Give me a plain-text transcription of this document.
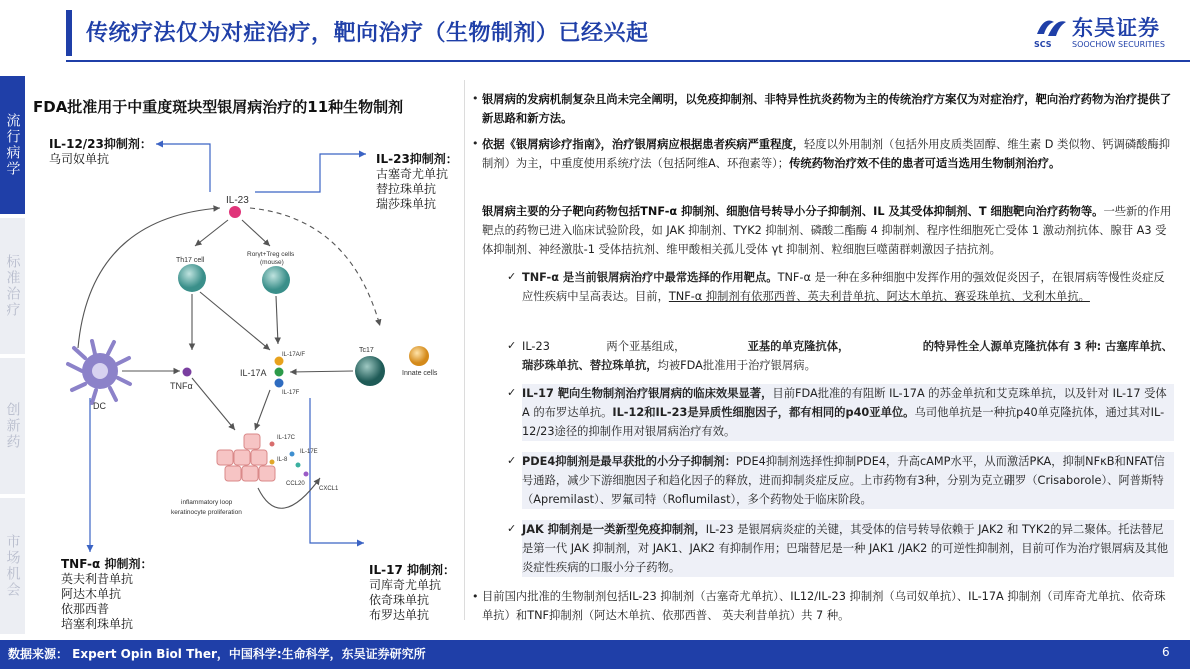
传统疗法仅为对症治疗，靶向治疗（生物制剂）已经兴起	SCS
东吴证券
SOOCHOW SECURITIES
流行病学
标准治疗
创新药
市场机会
FDA批准用于中重度斑块型银屑病治疗的11种生物制剂
IL-12/23抑制剂：
乌司奴单抗	IL-23抑制剂：
古塞奇尤单抗
替拉珠单抗
瑞莎珠单抗
TNF-α 抑制剂：
英夫利昔单抗
阿达木单抗
依那西普
培塞利珠单抗
IL-17 抑制剂：
司库奇尤单抗
依奇珠单抗
布罗达单抗
IL-23
Th17 cell
Rorγt+Treg cells
(mouse)
DC
TNFα
IL-17A/F
IL-17A
IL-17F
Tc17
Innate cells
IL-17C
IL-17E
IL-8
CCL20
CXCL1
inflammatory loop
keratinocyte proliferation
• 银屑病的发病机制复杂且尚未完全阐明，以免疫抑制剂、非特异性抗炎药物为主的传统治疗方案仅为对症治疗，靶向治疗药物为治疗提供了新思路和新方法。
• 依据《银屑病诊疗指南》，治疗银屑病应根据患者疾病严重程度，轻度以外用制剂（包括外用皮质类固醇、维生素 D 类似物、钙调磷酸酶抑制剂）为主，中重度使用系统疗法（包括阿维A、环孢素等）；传统药物治疗效不佳的患者可适当选用生物制剂治疗。
银屑病主要的分子靶向药物包括TNF-α 抑制剂、细胞信号转导小分子抑制剂、IL 及其受体抑制剂、T 细胞靶向治疗药物等。一些新的作用靶点的药物已进入临床试验阶段，如 JAK 抑制剂、TYK2 抑制剂、磷酸二酯酶 4 抑制剂、程序性细胞死亡受体 1 激动剂抗体、腺苷 A3 受体抑制剂、神经激肽-1 受体拮抗剂、维甲酸相关孤儿受体 γt 抑制剂、粒细胞巨噬菌群刺激因子拮抗剂。
✓ TNF-α 是当前银屑病治疗中最常选择的作用靶点。TNF-α 是一种在多种细胞中发挥作用的强效促炎因子，在银屑病等慢性炎症反应性疾病中呈高表达。目前，TNF-α 抑制剂有依那西普、英夫利昔单抗、阿达木单抗、赛妥珠单抗、戈利木单抗。
✓ IL-23　　　　　	两个亚基组成，　　　　　　	亚基的单克隆抗体，　　　　　　　	的特异性全人源单克隆抗体有 3 种: 古塞库单抗、瑞莎珠单抗、替拉珠单抗，均被FDA批准用于治疗银屑病。
✓ IL-17 靶向生物制剂治疗银屑病的临床效果显著，目前FDA批准的有阻断 IL-17A 的苏金单抗和艾克珠单抗，以及针对 IL-17 受体 A 的布罗达单抗。IL-12和IL-23是异质性细胞因子，都有相同的p40亚单位。乌司他单抗是一种抗p40单克隆抗体，通过其对IL-12/23途径的抑制作用对银屑病治疗有效。
✓ PDE4抑制剂是最早获批的小分子抑制剂：PDE4抑制剂选择性抑制PDE4，升高cAMP水平，从而激活PKA，抑制NFκB和NFAT信号通路，减少下游细胞因子和趋化因子的释放，进而抑制炎症反应。上市药物有3种，分别为克立硼罗（Crisaborole）、阿普斯特（Apremilast）、罗氟司特（Roflumilast），多个药物处于临床阶段。
✓ JAK 抑制剂是一类新型免疫抑制剂，IL-23 是银屑病炎症的关键，其受体的信号转导依赖于 JAK2 和 TYK2的异二聚体。托法替尼是第一代 JAK 抑制剂，对 JAK1、JAK2 有抑制作用；巴瑞替尼是一种 JAK1 /JAK2 的可逆性抑制剂，目前可作为治疗银屑病及其他炎症性疾病的口服小分子药物。
• 目前国内批准的生物制剂包括IL-23 抑制剂（古塞奇尤单抗）、IL12/IL-23 抑制剂（乌司奴单抗）、IL-17A 抑制剂（司库奇尤单抗、依奇珠单抗）和TNF抑制剂（阿达木单抗、依那西普、 英夫利昔单抗）共 7 种。
数据来源： Expert Opin Biol Ther，中国科学:生命科学，东吴证券研究所	6
